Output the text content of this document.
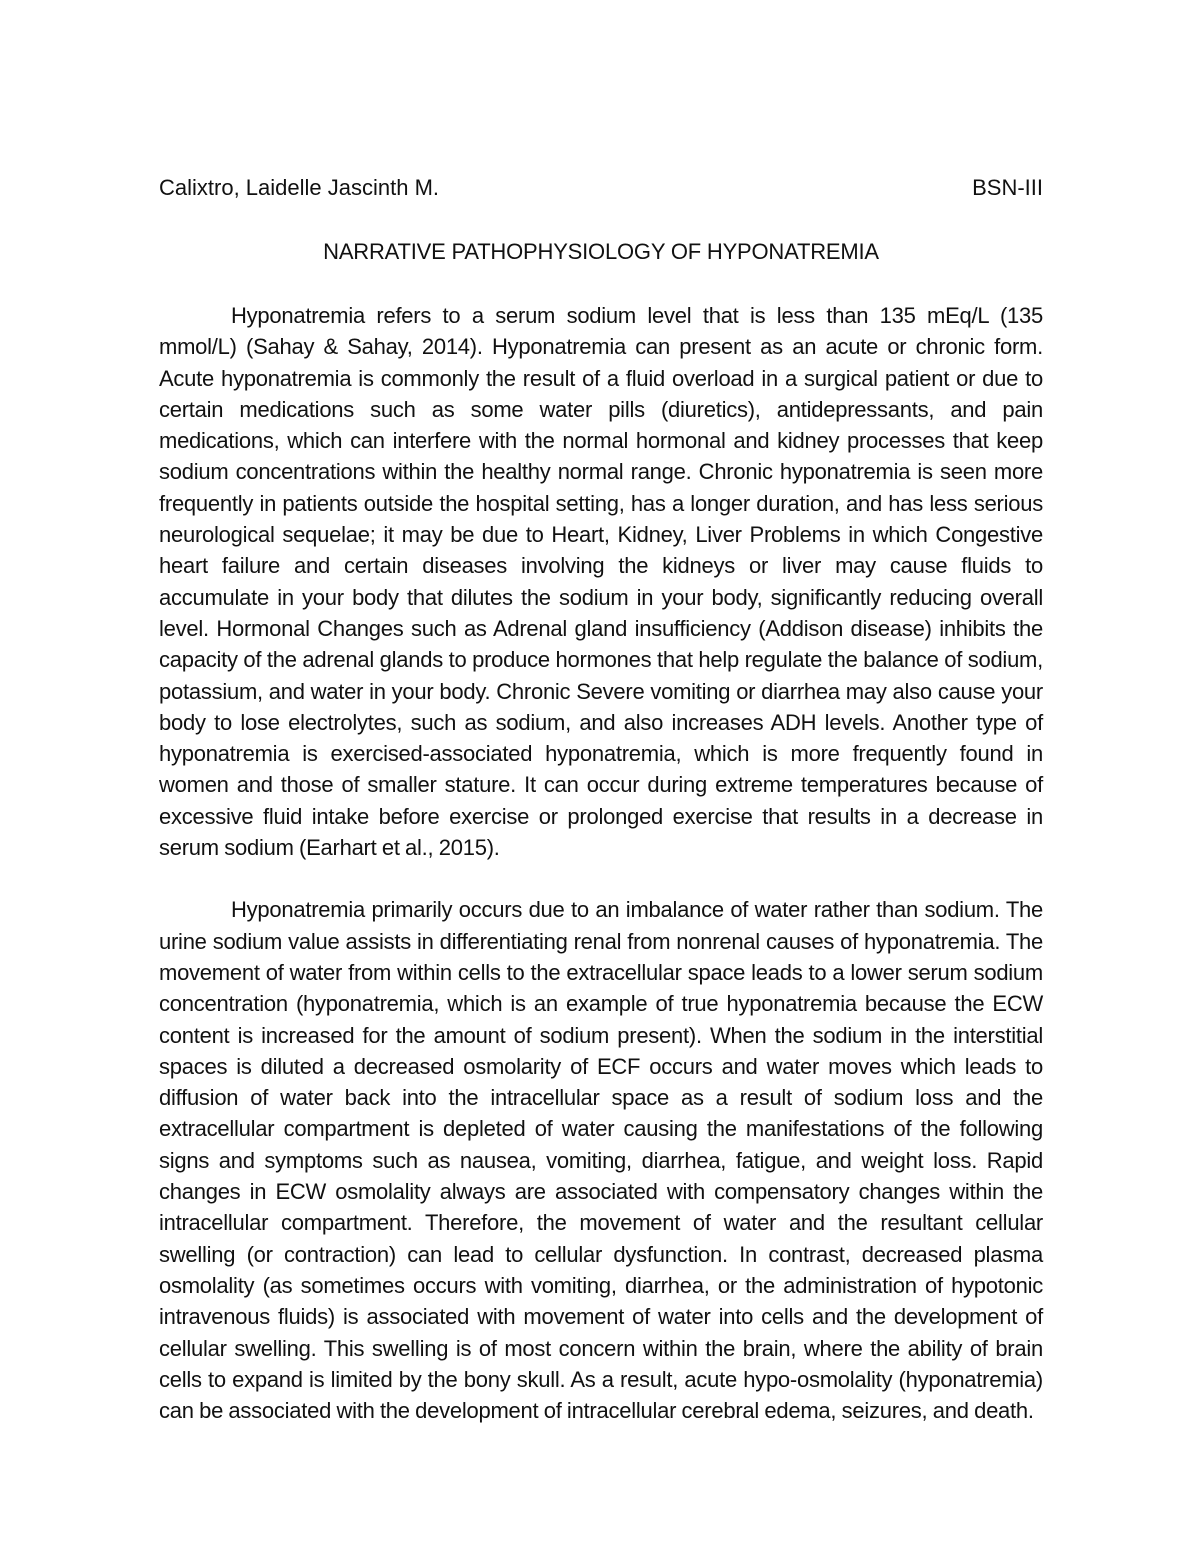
Calixtro, Laidelle Jascinth M.	BSN-III
NARRATIVE PATHOPHYSIOLOGY OF HYPONATREMIA

Hyponatremia refers to a serum sodium level that is less than 135 mEq/L (135 mmol/L) (Sahay & Sahay, 2014). Hyponatremia can present as an acute or chronic form. Acute hyponatremia is commonly the result of a fluid overload in a surgical patient or due to certain medications such as some water pills (diuretics), antidepressants, and pain medications, which can interfere with the normal hormonal and kidney processes that keep sodium concentrations within the healthy normal range. Chronic hyponatremia is seen more frequently in patients outside the hospital setting, has a longer duration, and has less serious neurological sequelae; it may be due to Heart, Kidney, Liver Problems in which Congestive heart failure and certain diseases involving the kidneys or liver may cause fluids to accumulate in your body that dilutes the sodium in your body, significantly reducing overall level. Hormonal Changes such as Adrenal gland insufficiency (Addison disease) inhibits the capacity of the adrenal glands to produce hormones that help regulate the balance of sodium, potassium, and water in your body. Chronic Severe vomiting or diarrhea may also cause your body to lose electrolytes, such as sodium, and also increases ADH levels. Another type of hyponatremia is exercised-associated hyponatremia, which is more frequently found in women and those of smaller stature. It can occur during extreme temperatures because of excessive fluid intake before exercise or prolonged exercise that results in a decrease in serum sodium (Earhart et al., 2015).

Hyponatremia primarily occurs due to an imbalance of water rather than sodium. The urine sodium value assists in differentiating renal from nonrenal causes of hyponatremia. The movement of water from within cells to the extracellular space leads to a lower serum sodium concentration (hyponatremia, which is an example of true hyponatremia because the ECW content is increased for the amount of sodium present). When the sodium in the interstitial spaces is diluted a decreased osmolarity of ECF occurs and water moves which leads to diffusion of water back into the intracellular space as a result of sodium loss and the extracellular compartment is depleted of water causing the manifestations of the following signs and symptoms such as nausea, vomiting, diarrhea, fatigue, and weight loss. Rapid changes in ECW osmolality always are associated with compensatory changes within the intracellular compartment. Therefore, the movement of water and the resultant cellular swelling (or contraction) can lead to cellular dysfunction. In contrast, decreased plasma osmolality (as sometimes occurs with vomiting, diarrhea, or the administration of hypotonic intravenous fluids) is associated with movement of water into cells and the development of cellular swelling. This swelling is of most concern within the brain, where the ability of brain cells to expand is limited by the bony skull. As a result, acute hypo-osmolality (hyponatremia) can be associated with the development of intracellular cerebral edema, seizures, and death.
